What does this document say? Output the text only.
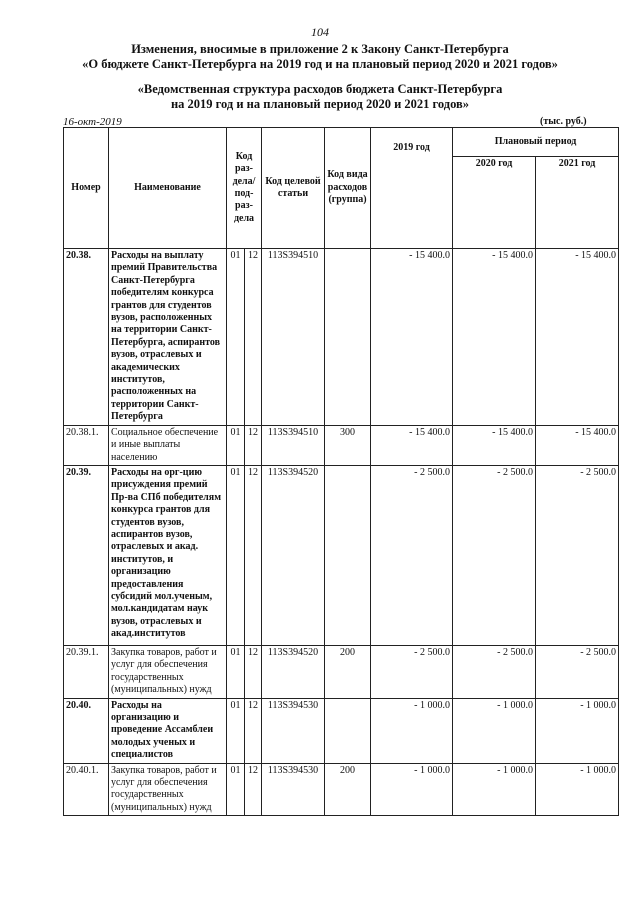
104
Изменения, вносимые в приложение 2 к Закону Санкт-Петербурга
«О бюджете Санкт-Петербурга на 2019 год и на плановый период 2020 и 2021 годов»
«Ведомственная структура расходов бюджета Санкт-Петербурга
на 2019 год и на плановый период 2020 и 2021 годов»
16-окт-2019	(тыс. руб.)
Номер	Наименование	Код раз- дела/ под- раз- дела		Код целевой статьи	Код вида расходов (группа)	2019 год	Плановый период	
							2020 год	2021 год
20.38.	Расходы на выплату премий Правительства Санкт-Петербурга победителям конкурса грантов для студентов вузов, расположенных на территории Санкт-Петербурга, аспирантов вузов, отраслевых и академических институтов, расположенных на территории Санкт-Петербурга	01	12	113S394510		- 15 400.0	- 15 400.0	- 15 400.0
20.38.1.	Социальное обеспечение и иные выплаты населению	01	12	113S394510	300	- 15 400.0	- 15 400.0	- 15 400.0
20.39.	Расходы на орг-цию присуждения премий Пр-ва СПб победителям конкурса грантов для студентов вузов, аспирантов вузов, отраслевых и акад. институтов, и организацию предоставления субсидий мол.ученым, мол.кандидатам наук вузов, отраслевых и акад.институтов	01	12	113S394520		- 2 500.0	- 2 500.0	- 2 500.0
20.39.1.	Закупка товаров, работ и услуг для обеспечения государственных (муниципальных) нужд	01	12	113S394520	200	- 2 500.0	- 2 500.0	- 2 500.0
20.40.	Расходы на организацию и проведение Ассамблеи молодых ученых и специалистов	01	12	113S394530		- 1 000.0	- 1 000.0	- 1 000.0
20.40.1.	Закупка товаров, работ и услуг для обеспечения государственных (муниципальных) нужд	01	12	113S394530	200	- 1 000.0	- 1 000.0	- 1 000.0
